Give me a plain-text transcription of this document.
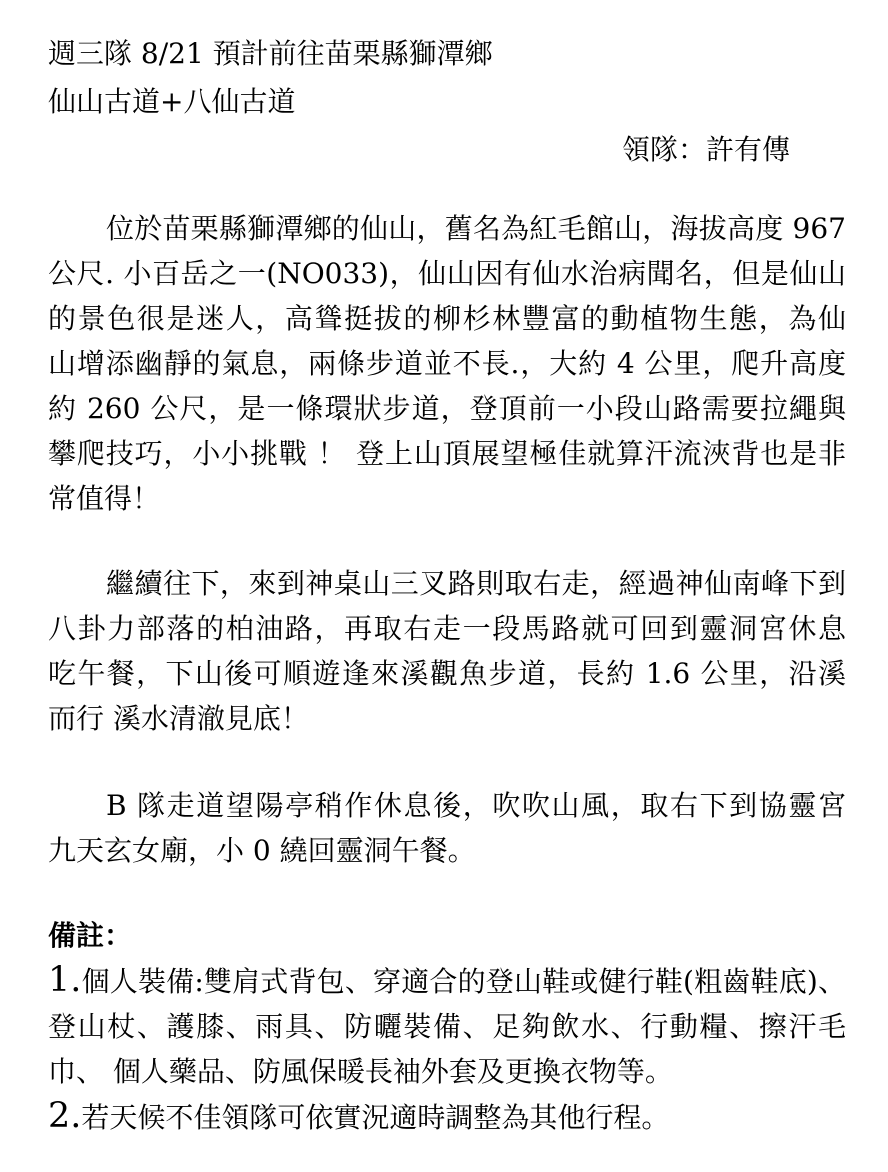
週三隊 8/21 預計前往苗栗縣獅潭鄉
仙山古道+八仙古道
領隊：許有傳
位於苗栗縣獅潭鄉的仙山，舊名為紅毛館山，海拔高度 967
公尺. 小百岳之一(NO033)，仙山因有仙水治病聞名，但是仙山
的景色很是迷人，高聳挺拔的柳杉林豐富的動植物生態，為仙
山增添幽靜的氣息，兩條步道並不長.，大約 4 公里，爬升高度
約 260 公尺，是一條環狀步道，登頂前一小段山路需要拉繩與
攀爬技巧，小小挑戰 ！ 登上山頂展望極佳就算汗流浹背也是非
常值得！
繼續往下，來到神桌山三叉路則取右走，經過神仙南峰下到
八卦力部落的柏油路，再取右走一段馬路就可回到靈洞宮休息
吃午餐，下山後可順遊逢來溪觀魚步道，長約 1.6 公里，沿溪
而行 溪水清澈見底！
B 隊走道望陽亭稍作休息後，吹吹山風，取右下到協靈宮
九天玄女廟，小 0 繞回靈洞午餐。
備註：
1.個人裝備:雙肩式背包、穿適合的登山鞋或健行鞋(粗齒鞋底)、
登山杖、護膝、雨具、防曬裝備、足夠飲水、行動糧、擦汗毛
巾、 個人藥品、防風保暖長袖外套及更換衣物等。
2.若天候不佳領隊可依實況適時調整為其他行程。
